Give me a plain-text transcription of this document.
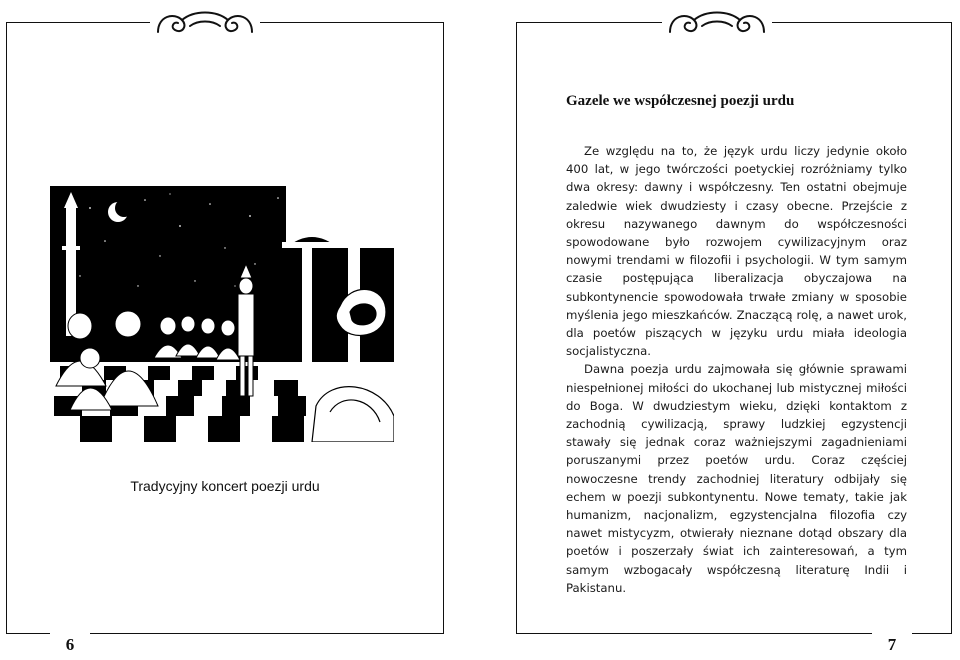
Tradycyjny koncert poezji urdu
6
Gazele we współczesnej poezji urdu

Ze względu na to, że język urdu liczy jedynie około 400 lat, w jego twórczości poetyckiej rozróżniamy tylko dwa okresy: dawny i współczesny. Ten ostatni obejmuje zaledwie wiek dwudziesty i czasy obecne. Przejście z okresu nazywanego dawnym do współczesności spowodowane było rozwojem cywilizacyjnym oraz nowymi trendami w filozofii i psychologii. W tym samym czasie postępująca liberalizacja obyczajowa na subkontynencie spowodowała trwałe zmiany w sposobie myślenia jego mieszkańców. Znaczącą rolę, a nawet urok, dla poetów piszących w języku urdu miała ideologia socjalistyczna.

Dawna poezja urdu zajmowała się głównie sprawami niespełnionej miłości do ukochanej lub mistycznej miłości do Boga. W dwudziestym wieku, dzięki kontaktom z zachodnią cywilizacją, sprawy ludzkiej egzystencji stawały się jednak coraz ważniejszymi zagadnieniami poruszanymi przez poetów urdu. Coraz częściej nowoczesne trendy zachodniej literatury odbijały się echem w poezji subkontynentu. Nowe tematy, takie jak humanizm, nacjonalizm, egzystencjalna filozofia czy nawet mistycyzm, otwierały nieznane dotąd obszary dla poetów i poszerzały świat ich zainteresowań, a tym samym wzbogacały współczesną literaturę Indii i Pakistanu.

7
